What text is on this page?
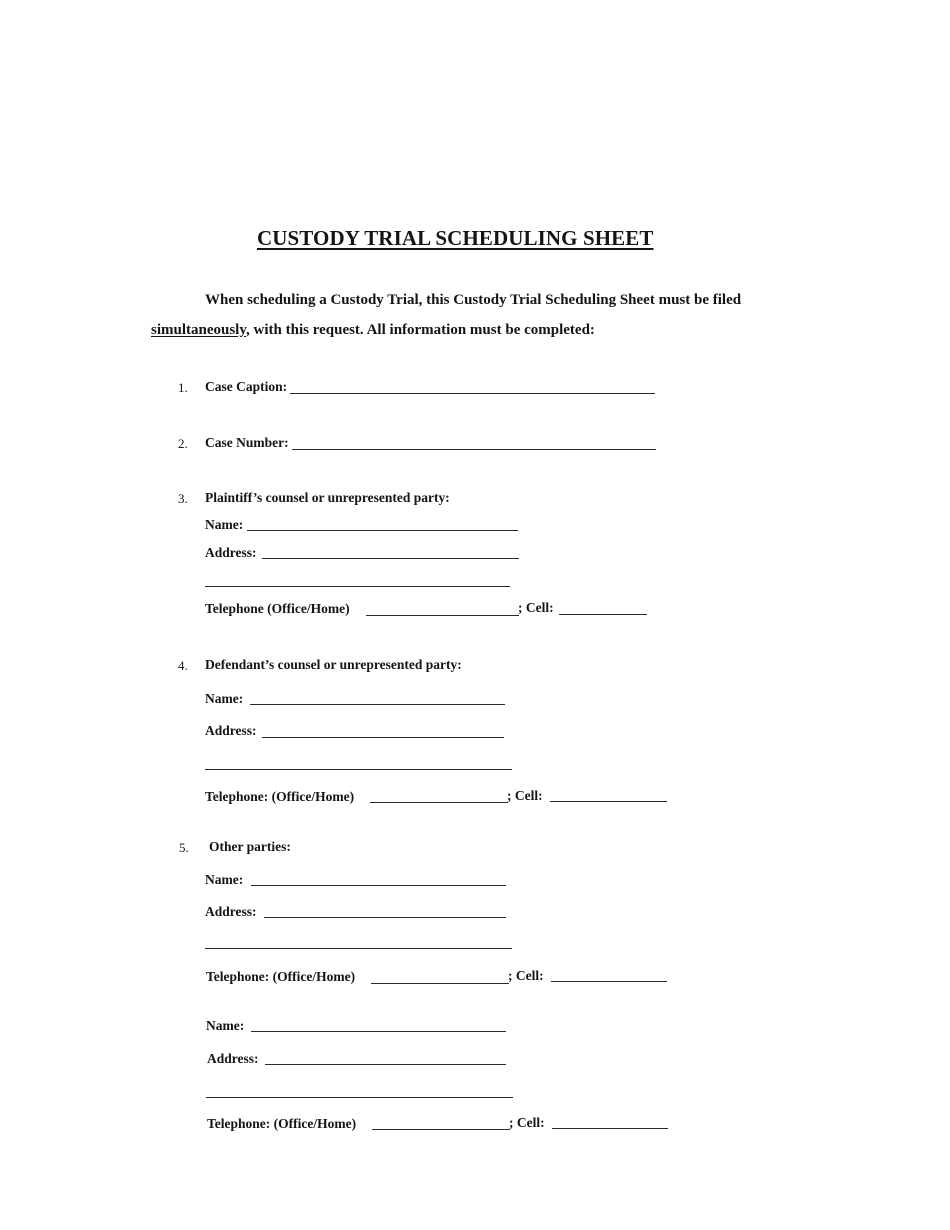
CUSTODY TRIAL SCHEDULING SHEET
When scheduling a Custody Trial, this Custody Trial Scheduling Sheet must be filed
simultaneously, with this request. All information must be completed:
1. Case Caption:
2. Case Number:
3. Plaintiff’s counsel or unrepresented party:
Name:
Address:
Telephone (Office/Home)	; Cell:
4. Defendant’s counsel or unrepresented party:
Name:
Address:
Telephone: (Office/Home)	; Cell:
5. Other parties:
Name:
Address:
Telephone: (Office/Home)	; Cell:
Name:
Address:
Telephone: (Office/Home)	; Cell:
